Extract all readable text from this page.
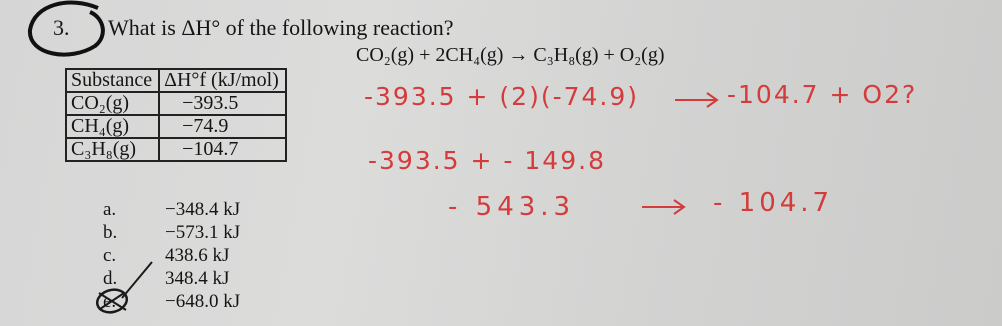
3. What is ΔH° of the following reaction?
CO₂(g) + 2CH₄(g) → C₃H₈(g) + O₂(g)
Substance	ΔH°f (kJ/mol)
CO₂(g)	−393.5
CH₄(g)	−74.9
C₃H₈(g)	−104.7
a.	−348.4 kJ
b.	−573.1 kJ
c.	438.6 kJ
d.	348.4 kJ
e.	−648.0 kJ
-393.5 + (2)(-74.9)	-104.7 + O2?
-393.5 + - 149.8
- 543.3	- 104.7
